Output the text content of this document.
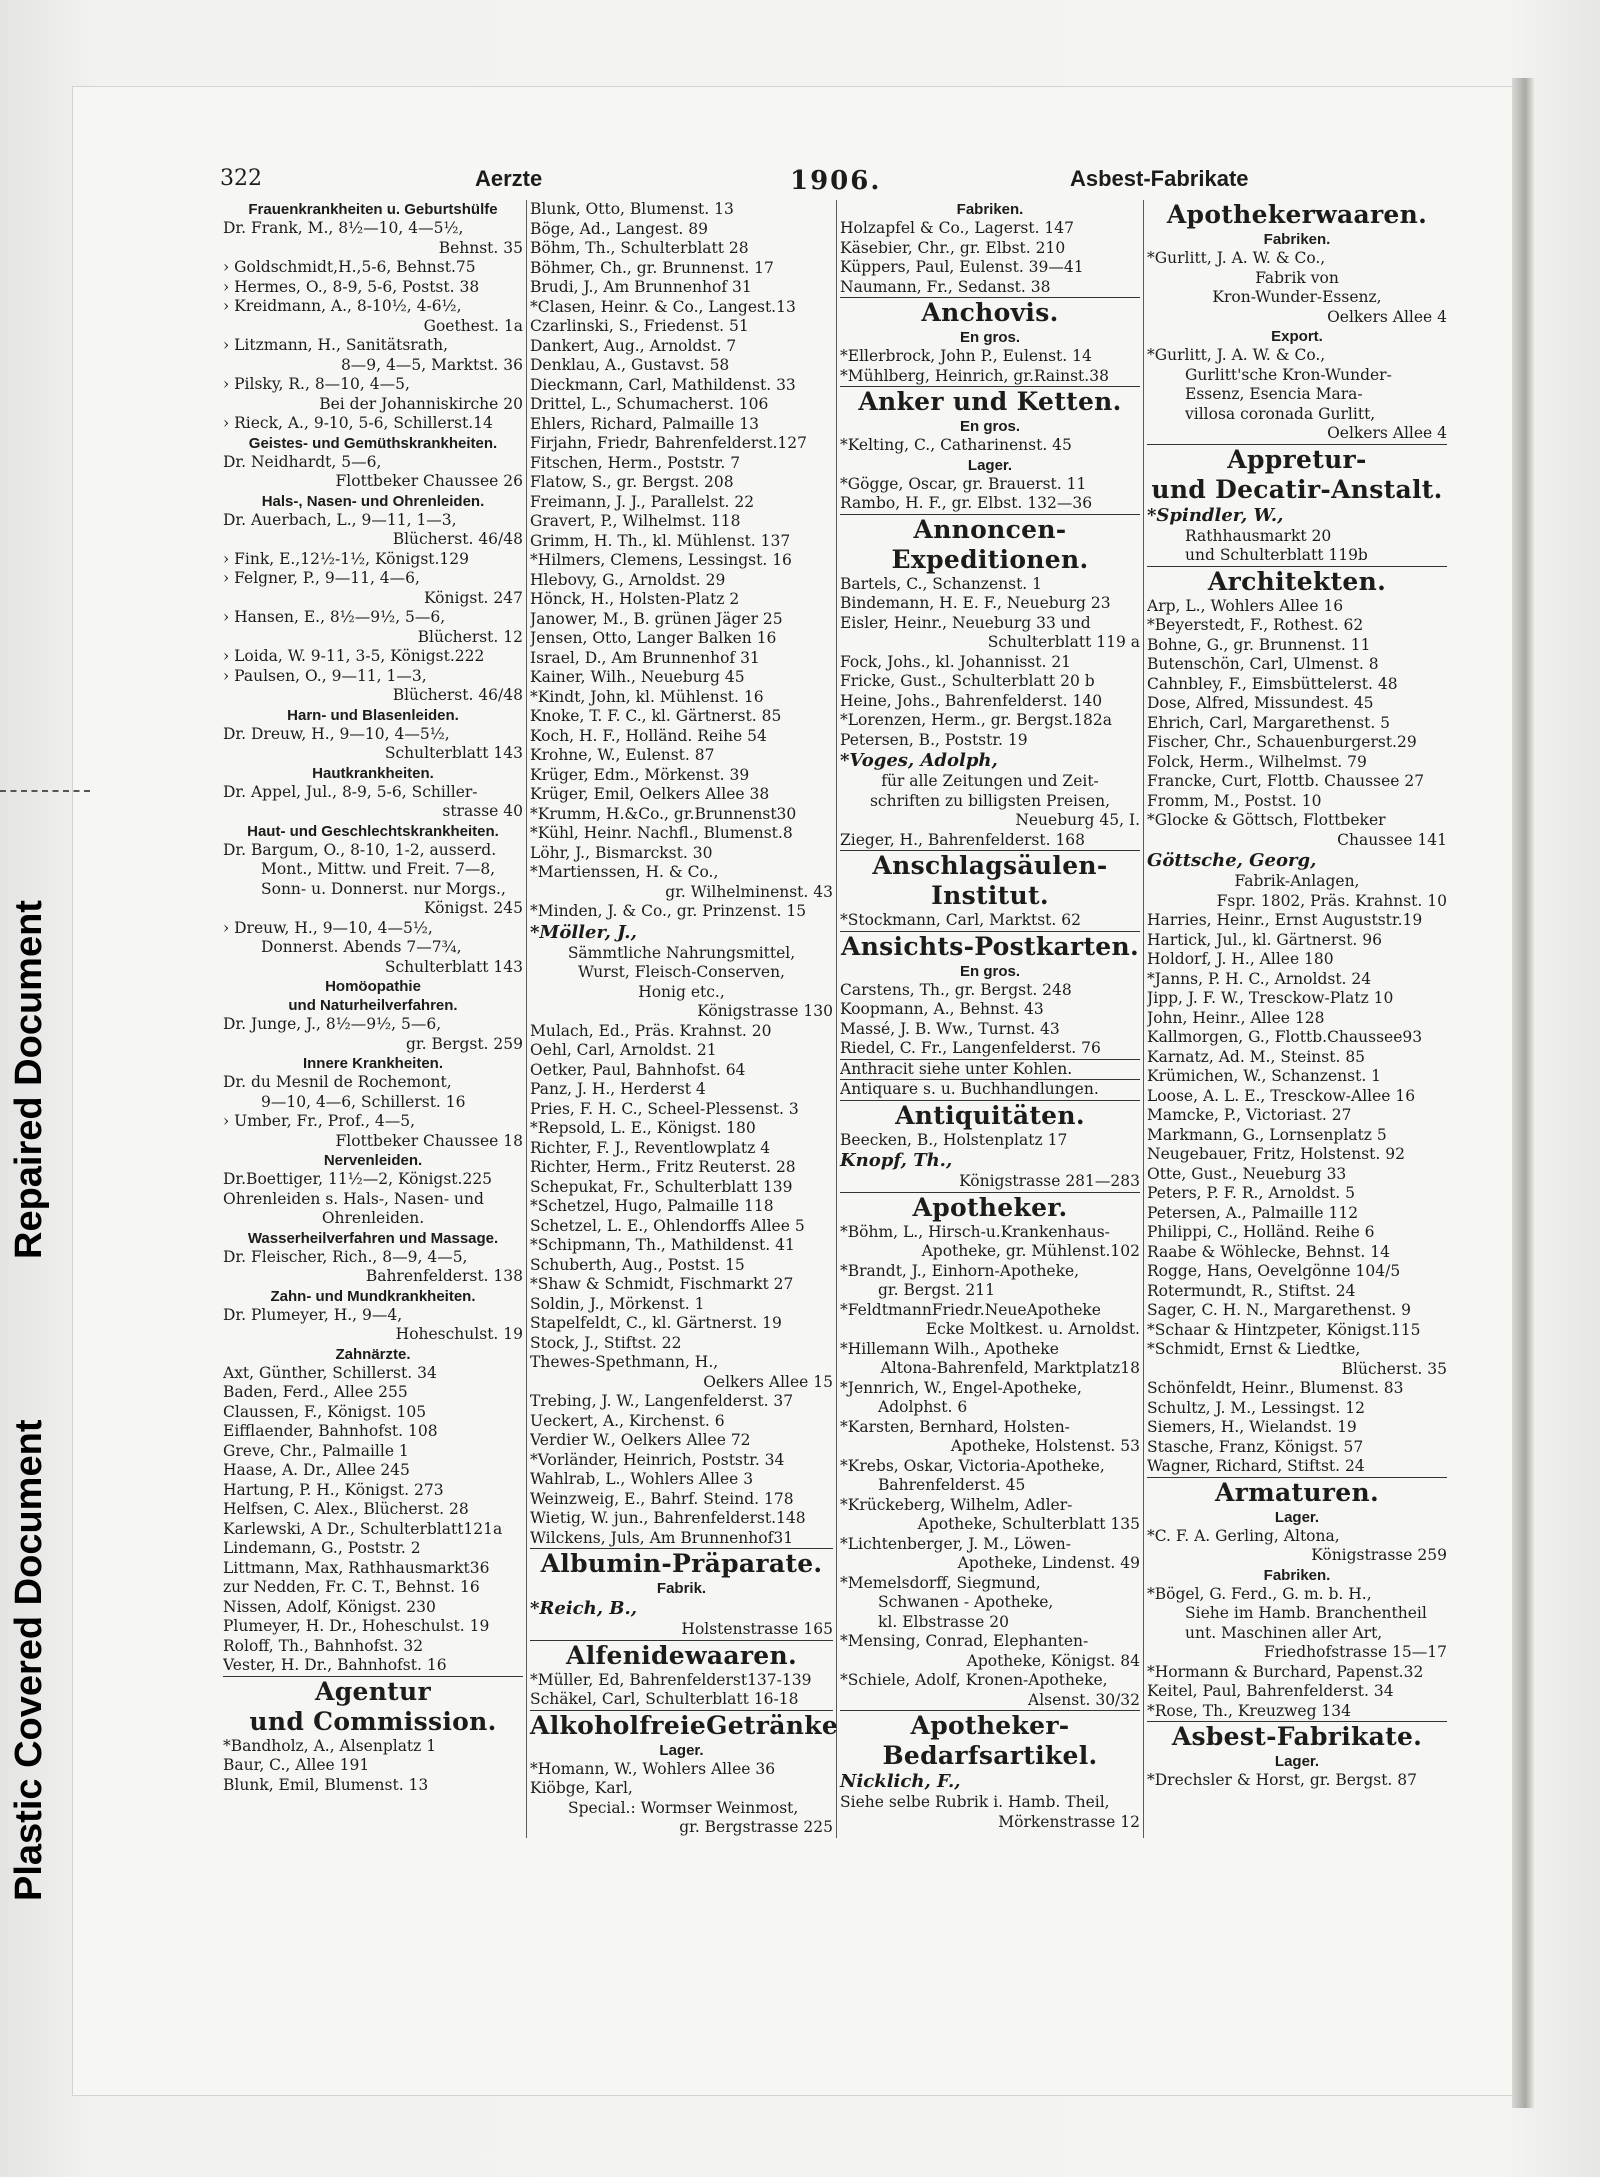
Repaired Document
Plastic Covered Document
322	Aerzte	1906.	Asbest-Fabrikate
Frauenkrankheiten u. Geburtshülfe
Dr. Frank, M., 8½—10, 4—5½,
Behnst. 35
› Goldschmidt,H.,5-6, Behnst.75
› Hermes, O., 8-9, 5-6, Postst. 38
› Kreidmann, A., 8-10½, 4-6½,
Goethest. 1a
› Litzmann, H., Sanitätsrath,
8—9, 4—5, Marktst. 36
› Pilsky, R., 8—10, 4—5,
Bei der Johanniskirche 20
› Rieck, A., 9-10, 5-6, Schillerst.14
Geistes- und Gemüthskrankheiten.
Dr. Neidhardt, 5—6,
Flottbeker Chaussee 26
Hals-, Nasen- und Ohrenleiden.
Dr. Auerbach, L., 9—11, 1—3,
Blücherst. 46/48
› Fink, E.,12½-1½, Königst.129
› Felgner, P., 9—11, 4—6,
Königst. 247
› Hansen, E., 8½—9½, 5—6,
Blücherst. 12
› Loida, W. 9-11, 3-5, Königst.222
› Paulsen, O., 9—11, 1—3,
Blücherst. 46/48
Harn- und Blasenleiden.
Dr. Dreuw, H., 9—10, 4—5½,
Schulterblatt 143
Hautkrankheiten.
Dr. Appel, Jul., 8-9, 5-6, Schiller-
strasse 40
Haut- und Geschlechtskrankheiten.
Dr. Bargum, O., 8-10, 1-2, ausserd.
Mont., Mittw. und Freit. 7—8,
Sonn- u. Donnerst. nur Morgs.,
Königst. 245
› Dreuw, H., 9—10, 4—5½,
Donnerst. Abends 7—7¾,
Schulterblatt 143
Homöopathie
und Naturheilverfahren.
Dr. Junge, J., 8½—9½, 5—6,
gr. Bergst. 259
Innere Krankheiten.
Dr. du Mesnil de Rochemont,
9—10, 4—6, Schillerst. 16
› Umber, Fr., Prof., 4—5,
Flottbeker Chaussee 18
Nervenleiden.
Dr.Boettiger, 11½—2, Königst.225
Ohrenleiden s. Hals-, Nasen- und
Ohrenleiden.
Wasserheilverfahren und Massage.
Dr. Fleischer, Rich., 8—9, 4—5,
Bahrenfelderst. 138
Zahn- und Mundkrankheiten.
Dr. Plumeyer, H., 9—4,
Hoheschulst. 19
Zahnärzte.
Axt, Günther, Schillerst. 34
Baden, Ferd., Allee 255
Claussen, F., Königst. 105
Eifflaender, Bahnhofst. 108
Greve, Chr., Palmaille 1
Haase, A. Dr., Allee 245
Hartung, P. H., Königst. 273
Helfsen, C. Alex., Blücherst. 28
Karlewski, A Dr., Schulterblatt121a
Lindemann, G., Poststr. 2
Littmann, Max, Rathhausmarkt36
zur Nedden, Fr. C. T., Behnst. 16
Nissen, Adolf, Königst. 230
Plumeyer, H. Dr., Hoheschulst. 19
Roloff, Th., Bahnhofst. 32
Vester, H. Dr., Bahnhofst. 16
Agentur
und Commission.
*Bandholz, A., Alsenplatz 1
Baur, C., Allee 191
Blunk, Emil, Blumenst. 13
Blunk, Otto, Blumenst. 13
Böge, Ad., Langest. 89
Böhm, Th., Schulterblatt 28
Böhmer, Ch., gr. Brunnenst. 17
Brudi, J., Am Brunnenhof 31
*Clasen, Heinr. & Co., Langest.13
Czarlinski, S., Friedenst. 51
Dankert, Aug., Arnoldst. 7
Denklau, A., Gustavst. 58
Dieckmann, Carl, Mathildenst. 33
Drittel, L., Schumacherst. 106
Ehlers, Richard, Palmaille 13
Firjahn, Friedr, Bahrenfelderst.127
Fitschen, Herm., Poststr. 7
Flatow, S., gr. Bergst. 208
Freimann, J. J., Parallelst. 22
Gravert, P., Wilhelmst. 118
Grimm, H. Th., kl. Mühlenst. 137
*Hilmers, Clemens, Lessingst. 16
Hlebovy, G., Arnoldst. 29
Hönck, H., Holsten-Platz 2
Janower, M., B. grünen Jäger 25
Jensen, Otto, Langer Balken 16
Israel, D., Am Brunnenhof 31
Kainer, Wilh., Neueburg 45
*Kindt, John, kl. Mühlenst. 16
Knoke, T. F. C., kl. Gärtnerst. 85
Koch, H. F., Holländ. Reihe 54
Krohne, W., Eulenst. 87
Krüger, Edm., Mörkenst. 39
Krüger, Emil, Oelkers Allee 38
*Krumm, H.&Co., gr.Brunnenst30
*Kühl, Heinr. Nachfl., Blumenst.8
Löhr, J., Bismarckst. 30
*Martienssen, H. & Co.,
gr. Wilhelminenst. 43
*Minden, J. & Co., gr. Prinzenst. 15
*Möller, J.,
Sämmtliche Nahrungsmittel,
Wurst, Fleisch-Conserven,
Honig etc.,
Königstrasse 130
Mulach, Ed., Präs. Krahnst. 20
Oehl, Carl, Arnoldst. 21
Oetker, Paul, Bahnhofst. 64
Panz, J. H., Herderst 4
Pries, F. H. C., Scheel-Plessenst. 3
*Repsold, L. E., Königst. 180
Richter, F. J., Reventlowplatz 4
Richter, Herm., Fritz Reuterst. 28
Schepukat, Fr., Schulterblatt 139
*Schetzel, Hugo, Palmaille 118
Schetzel, L. E., Ohlendorffs Allee 5
*Schipmann, Th., Mathildenst. 41
Schuberth, Aug., Postst. 15
*Shaw & Schmidt, Fischmarkt 27
Soldin, J., Mörkenst. 1
Stapelfeldt, C., kl. Gärtnerst. 19
Stock, J., Stiftst. 22
Thewes-Spethmann, H.,
Oelkers Allee 15
Trebing, J. W., Langenfelderst. 37
Ueckert, A., Kirchenst. 6
Verdier W., Oelkers Allee 72
*Vorländer, Heinrich, Poststr. 34
Wahlrab, L., Wohlers Allee 3
Weinzweig, E., Bahrf. Steind. 178
Wietig, W. jun., Bahrenfelderst.148
Wilckens, Juls, Am Brunnenhof31
Albumin-Präparate.
Fabrik.
*Reich, B.,
Holstenstrasse 165
Alfenidewaaren.
*Müller, Ed, Bahrenfelderst137-139
Schäkel, Carl, Schulterblatt 16-18
AlkoholfreieGetränke
Lager.
*Homann, W., Wohlers Allee 36
Kiöbge, Karl,
Special.: Wormser Weinmost,
gr. Bergstrasse 225
Fabriken.
Holzapfel & Co., Lagerst. 147
Käsebier, Chr., gr. Elbst. 210
Küppers, Paul, Eulenst. 39—41
Naumann, Fr., Sedanst. 38
Anchovis.
En gros.
*Ellerbrock, John P., Eulenst. 14
*Mühlberg, Heinrich, gr.Rainst.38
Anker und Ketten.
En gros.
*Kelting, C., Catharinenst. 45
Lager.
*Gögge, Oscar, gr. Brauerst. 11
Rambo, H. F., gr. Elbst. 132—36
Annoncen-
Expeditionen.
Bartels, C., Schanzenst. 1
Bindemann, H. E. F., Neueburg 23
Eisler, Heinr., Neueburg 33 und
Schulterblatt 119 a
Fock, Johs., kl. Johannisst. 21
Fricke, Gust., Schulterblatt 20 b
Heine, Johs., Bahrenfelderst. 140
*Lorenzen, Herm., gr. Bergst.182a
Petersen, B., Poststr. 19
*Voges, Adolph,
für alle Zeitungen und Zeit-
schriften zu billigsten Preisen,
Neueburg 45, I.
Zieger, H., Bahrenfelderst. 168
Anschlagsäulen-
Institut.
*Stockmann, Carl, Marktst. 62
Ansichts-Postkarten.
En gros.
Carstens, Th., gr. Bergst. 248
Koopmann, A., Behnst. 43
Massé, J. B. Ww., Turnst. 43
Riedel, C. Fr., Langenfelderst. 76
Anthracit siehe unter Kohlen.
Antiquare s. u. Buchhandlungen.
Antiquitäten.
Beecken, B., Holstenplatz 17
Knopf, Th.,
Königstrasse 281—283
Apotheker.
*Böhm, L., Hirsch-u.Krankenhaus-
Apotheke, gr. Mühlenst.102
*Brandt, J., Einhorn-Apotheke,
gr. Bergst. 211
*FeldtmannFriedr.NeueApotheke
Ecke Moltkest. u. Arnoldst.
*Hillemann Wilh., Apotheke
Altona-Bahrenfeld, Marktplatz18
*Jennrich, W., Engel-Apotheke,
Adolphst. 6
*Karsten, Bernhard, Holsten-
Apotheke, Holstenst. 53
*Krebs, Oskar, Victoria-Apotheke,
Bahrenfelderst. 45
*Krückeberg, Wilhelm, Adler-
Apotheke, Schulterblatt 135
*Lichtenberger, J. M., Löwen-
Apotheke, Lindenst. 49
*Memelsdorff, Siegmund,
Schwanen - Apotheke,
kl. Elbstrasse 20
*Mensing, Conrad, Elephanten-
Apotheke, Königst. 84
*Schiele, Adolf, Kronen-Apotheke,
Alsenst. 30/32
Apotheker-
Bedarfsartikel.
Nicklich, F.,
Siehe selbe Rubrik i. Hamb. Theil,
Mörkenstrasse 12
Apothekerwaaren.
Fabriken.
*Gurlitt, J. A. W. & Co.,
Fabrik von
Kron-Wunder-Essenz,
Oelkers Allee 4
Export.
*Gurlitt, J. A. W. & Co.,
Gurlitt'sche Kron-Wunder-
Essenz, Esencia Mara-
villosa coronada Gurlitt,
Oelkers Allee 4
Appretur-
und Decatir-Anstalt.
*Spindler, W.,
Rathhausmarkt 20
und Schulterblatt 119b
Architekten.
Arp, L., Wohlers Allee 16
*Beyerstedt, F., Rothest. 62
Bohne, G., gr. Brunnenst. 11
Butenschön, Carl, Ulmenst. 8
Cahnbley, F., Eimsbüttelerst. 48
Dose, Alfred, Missundest. 45
Ehrich, Carl, Margarethenst. 5
Fischer, Chr., Schauenburgerst.29
Folck, Herm., Wilhelmst. 79
Francke, Curt, Flottb. Chaussee 27
Fromm, M., Postst. 10
*Glocke & Göttsch, Flottbeker
Chaussee 141
Göttsche, Georg,
Fabrik-Anlagen,
Fspr. 1802, Präs. Krahnst. 10
Harries, Heinr., Ernst Auguststr.19
Hartick, Jul., kl. Gärtnerst. 96
Holdorf, J. H., Allee 180
*Janns, P. H. C., Arnoldst. 24
Jipp, J. F. W., Tresckow-Platz 10
John, Heinr., Allee 128
Kallmorgen, G., Flottb.Chaussee93
Karnatz, Ad. M., Steinst. 85
Krümichen, W., Schanzenst. 1
Loose, A. L. E., Tresckow-Allee 16
Mamcke, P., Victoriast. 27
Markmann, G., Lornsenplatz 5
Neugebauer, Fritz, Holstenst. 92
Otte, Gust., Neueburg 33
Peters, P. F. R., Arnoldst. 5
Petersen, A., Palmaille 112
Philippi, C., Holländ. Reihe 6
Raabe & Wöhlecke, Behnst. 14
Rogge, Hans, Oevelgönne 104/5
Rotermundt, R., Stiftst. 24
Sager, C. H. N., Margarethenst. 9
*Schaar & Hintzpeter, Königst.115
*Schmidt, Ernst & Liedtke,
Blücherst. 35
Schönfeldt, Heinr., Blumenst. 83
Schultz, J. M., Lessingst. 12
Siemers, H., Wielandst. 19
Stasche, Franz, Königst. 57
Wagner, Richard, Stiftst. 24
Armaturen.
Lager.
*C. F. A. Gerling, Altona,
Königstrasse 259
Fabriken.
*Bögel, G. Ferd., G. m. b. H.,
Siehe im Hamb. Branchentheil
unt. Maschinen aller Art,
Friedhofstrasse 15—17
*Hormann & Burchard, Papenst.32
Keitel, Paul, Bahrenfelderst. 34
*Rose, Th., Kreuzweg 134
Asbest-Fabrikate.
Lager.
*Drechsler & Horst, gr. Bergst. 87
